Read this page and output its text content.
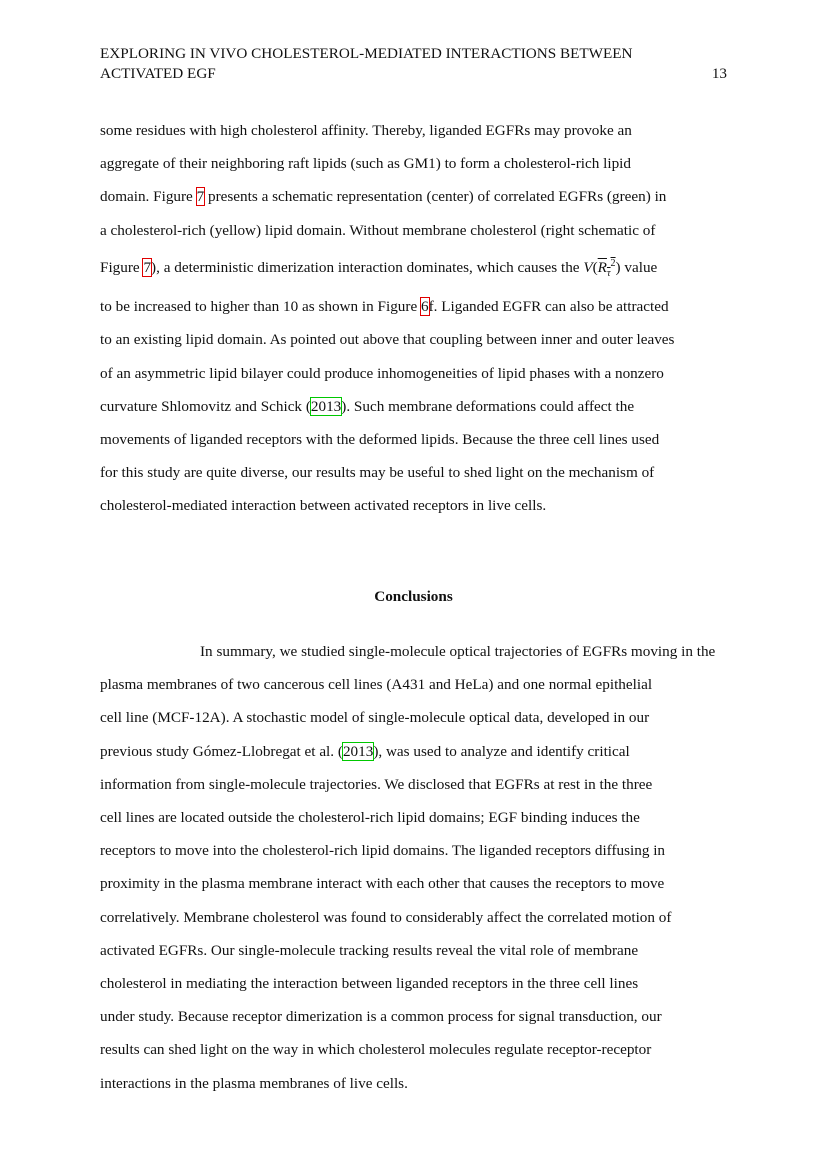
EXPLORING IN VIVO CHOLESTEROL-MEDIATED INTERACTIONS BETWEEN
ACTIVATED EGF	13
some residues with high cholesterol affinity. Thereby, liganded EGFRs may provoke an
aggregate of their neighboring raft lipids (such as GM1) to form a cholesterol-rich lipid
domain. Figure 7 presents a schematic representation (center) of correlated EGFRs (green) in
a cholesterol-rich (yellow) lipid domain. Without membrane cholesterol (right schematic of
Figure 7), a deterministic dimerization interaction dominates, which causes the $V(R_\tau^2)$ value
to be increased to higher than 10 as shown in Figure 6f. Liganded EGFR can also be attracted
to an existing lipid domain. As pointed out above that coupling between inner and outer leaves
of an asymmetric lipid bilayer could produce inhomogeneities of lipid phases with a nonzero
curvature Shlomovitz and Schick (2013). Such membrane deformations could affect the
movements of liganded receptors with the deformed lipids. Because the three cell lines used
for this study are quite diverse, our results may be useful to shed light on the mechanism of
cholesterol-mediated interaction between activated receptors in live cells.
Conclusions
In summary, we studied single-molecule optical trajectories of EGFRs moving in the
plasma membranes of two cancerous cell lines (A431 and HeLa) and one normal epithelial
cell line (MCF-12A). A stochastic model of single-molecule optical data, developed in our
previous study Gómez-Llobregat et al. (2013), was used to analyze and identify critical
information from single-molecule trajectories. We disclosed that EGFRs at rest in the three
cell lines are located outside the cholesterol-rich lipid domains; EGF binding induces the
receptors to move into the cholesterol-rich lipid domains. The liganded receptors diffusing in
proximity in the plasma membrane interact with each other that causes the receptors to move
correlatively. Membrane cholesterol was found to considerably affect the correlated motion of
activated EGFRs. Our single-molecule tracking results reveal the vital role of membrane
cholesterol in mediating the interaction between liganded receptors in the three cell lines
under study. Because receptor dimerization is a common process for signal transduction, our
results can shed light on the way in which cholesterol molecules regulate receptor-receptor
interactions in the plasma membranes of live cells.
